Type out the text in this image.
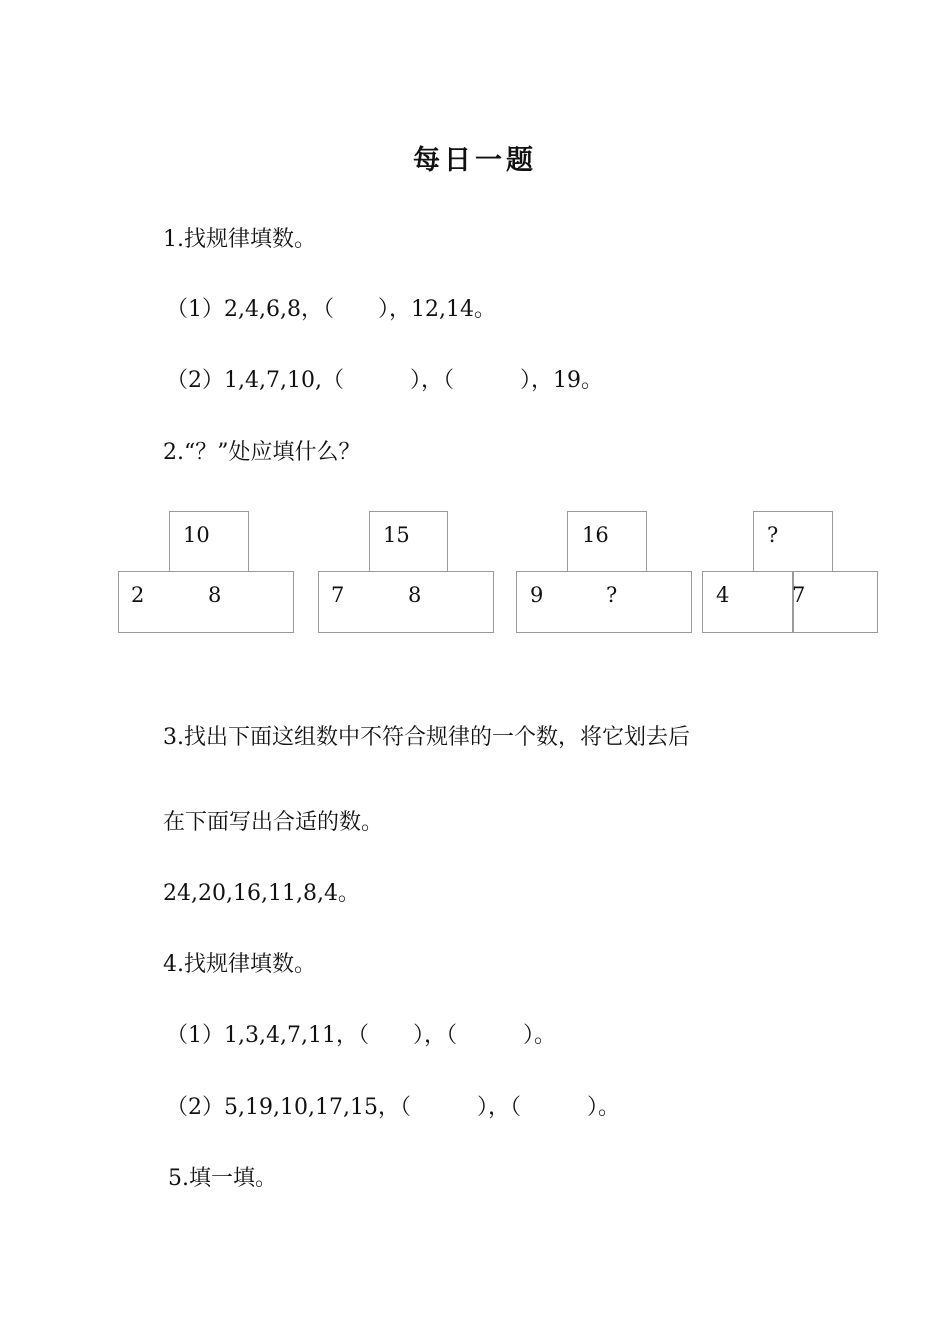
每日一题
1.找规律填数。
（1）2,4,6,8，（　　），12,14。
（2）1,4,7,10,（　　　），（　　　），19。
2.“？”处应填什么？
10
2	8
15
7	8
16
9	?
?
4	7
3.找出下面这组数中不符合规律的一个数，将它划去后
在下面写出合适的数。
24,20,16,11,8,4。
4.找规律填数。
（1）1,3,4,7,11，（　　），（　　　）。
（2）5,19,10,17,15，（　　　），（　　　）。
5.填一填。
